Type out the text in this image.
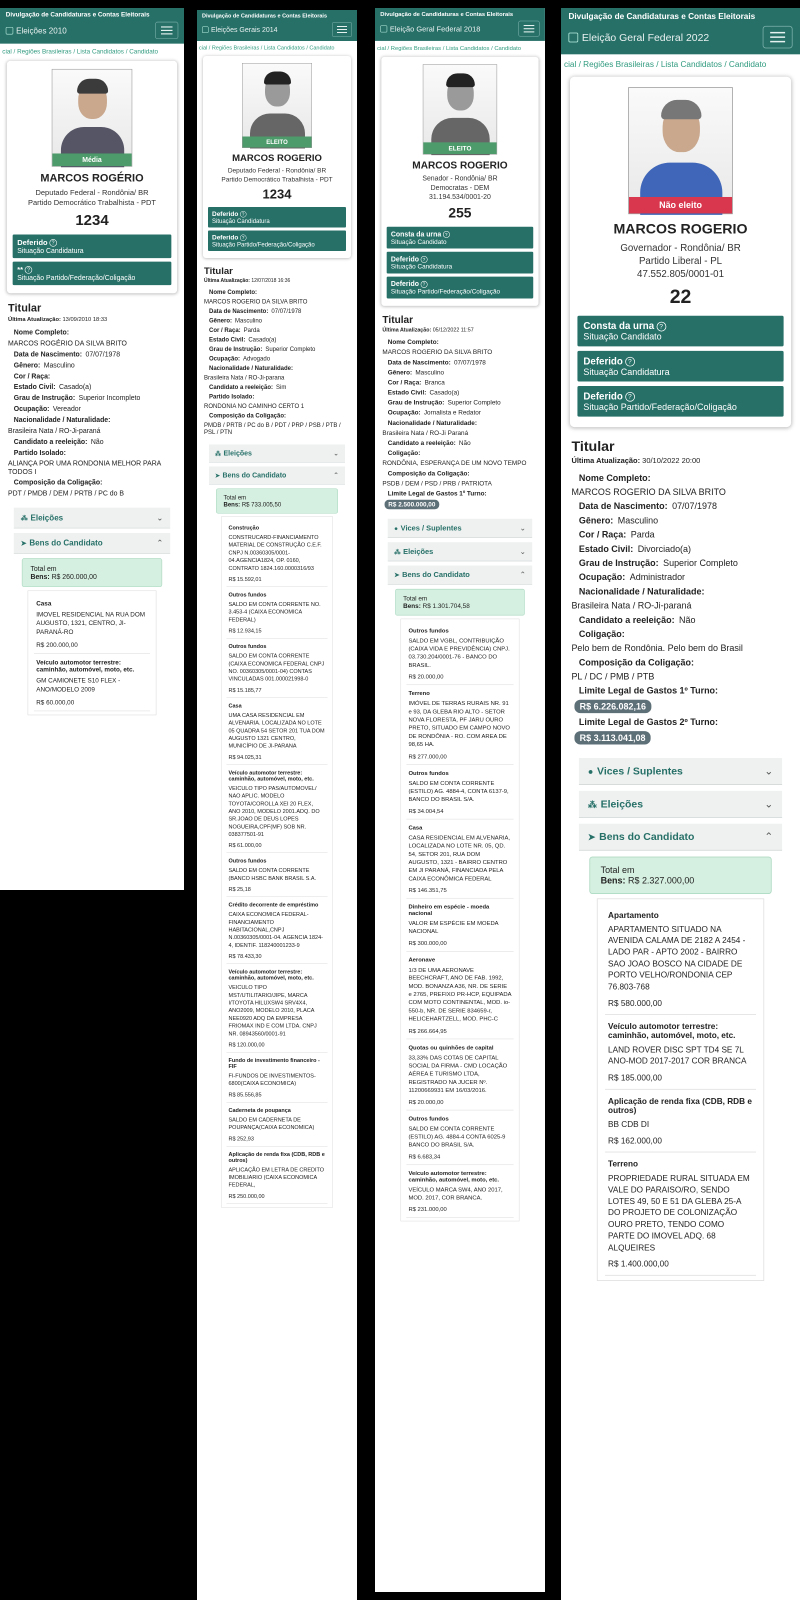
Divulgação de Candidaturas e Contas Eleitorais
Eleições 2010
cial / Regiões Brasileiras / Lista Candidatos / Candidato
Média
MARCOS ROGÉRIO
Deputado Federal - Rondônia/ BR
Partido Democrático Trabalhista - PDT
1234
Deferido ?
Situação Candidatura
** ?
Situação Partido/Federação/Coligação
Titular
Última Atualização: 13/09/2010 18:33
Nome Completo:
MARCOS ROGÉRIO DA SILVA BRITO
Data de Nascimento: 07/07/1978
Gênero: Masculino
Cor / Raça:
Estado Civil: Casado(a)
Grau de Instrução: Superior Incompleto
Ocupação: Vereador
Nacionalidade / Naturalidade:
Brasileira Nata / RO-Ji-paraná
Candidato a reeleição: Não
Partido Isolado:
ALIANÇA POR UMA RONDONIA MELHOR PARA TODOS I
Composição da Coligação:
PDT / PMDB / DEM / PRTB / PC do B
⁂ Eleições	⌄
➤ Bens do Candidato	⌃
Total em
Bens: R$ 260.000,00
Casa
IMOVEL RESIDENCIAL NA RUA DOM AUGUSTO, 1321, CENTRO, JI-PARANÁ-RO
R$ 200.000,00
Veículo automotor terrestre: caminhão, automóvel, moto, etc.
GM CAMIONETE S10 FLEX - ANO/MODELO 2009
R$ 60.000,00
Divulgação de Candidaturas e Contas Eleitorais
Eleições Gerais 2014
cial / Regiões Brasileiras / Lista Candidatos / Candidato
ELEITO
MARCOS ROGERIO
Deputado Federal - Rondônia/ BR
Partido Democrático Trabalhista - PDT
1234
Deferido ?
Situação Candidatura
Deferido ?
Situação Partido/Federação/Coligação
Titular
Última Atualização: 12/07/2018 16:36
Nome Completo:
MARCOS ROGERIO DA SILVA BRITO
Data de Nascimento: 07/07/1978
Gênero: Masculino
Cor / Raça: Parda
Estado Civil: Casado(a)
Grau de Instrução: Superior Completo
Ocupação: Advogado
Nacionalidade / Naturalidade:
Brasileira Nata / RO-Ji-parana
Candidato a reeleição: Sim
Partido Isolado:
RONDONIA NO CAMINHO CERTO 1
Composição da Coligação:
PMDB / PRTB / PC do B / PDT / PRP / PSB / PTB / PSL / PTN
⁂ Eleições	⌄
➤ Bens do Candidato	⌃
Total em
Bens: R$ 733.005,50
Construção
CONSTRUCARD-FINANCIAMENTO MATERIAL DE CONSTRUÇÃO C.E.F. CNPJ N.00360305/0001-04.AGENCIA1824, OP. 0160, CONTRATO 1824.160.0000316/93
R$ 15.592,01
Outros fundos
SALDO EM CONTA CORRENTE NO. 3.453-4 (CAIXA ECONOMICA FEDERAL)
R$ 12.934,15
Outros fundos
SALDO EM CONTA CORRENTE (CAIXA ECONOMICA FEDERAL CNPJ NO. 00360305/0001-04) CONTAS VINCULADAS 001.000021998-0
R$ 15.185,77
Casa
UMA CASA RESIDENCIAL EM ALVENARIA. LOCALIZADA NO LOTE 05 QUADRA 54 SETOR 201 TUA DOM AUGUSTO 1321 CENTRO, MUNICÍPIO DE JI-PARANA
R$ 94.025,31
Veículo automotor terrestre: caminhão, automóvel, moto, etc.
VEICULO TIPO PAS/AUTOMOVEL/ NAO APLIC. MODELO TOYOTA/COROLLA XEI 20 FLEX, ANO 2010, MODELO 2001.ADQ. DO SR.JOAO DE DEUS LOPES NOGUEIRA,CPF(MF) SOB NR. 038377501-91
R$ 61.000,00
Outros fundos
SALDO EM CONTA CORRENTE (BANCO HSBC BANK BRASIL S.A.
R$ 25,18
Crédito decorrente de empréstimo
CAIXA ECONOMICA FEDERAL-FINANCIAMENTO HABITACIONAL,CNPJ N.00360305/0001-04. AGENCIA 1824-4, IDENTIF. 118240001233-9
R$ 78.433,30
Veículo automotor terrestre: caminhão, automóvel, moto, etc.
VEICULO TIPO MST/UTILITARIO/JIPE, MARCA I/TOYOTA HILUXSW4 SRV4X4, ANO2009, MODELO 2010, PLACA NEE0920 ADQ DA EMPRESA FRIOMAX IND E COM LTDA. CNPJ NR. 08943560/0001-91
R$ 120.000,00
Fundo de investimento financeiro - FIF
FI-FUNDOS DE INVESTIMENTOS-6800(CAIXA ECONOMICA)
R$ 85.556,85
Caderneta de poupança
SALDO EM CADERNETA DE POUPANÇA(CAIXA ECONOMICA)
R$ 252,93
Aplicação de renda fixa (CDB, RDB e outros)
APLICAÇÃO EM LETRA DE CREDITO IMOBILIARIO (CAIXA ECONOMICA FEDERAL,
R$ 250.000,00
Divulgação de Candidaturas e Contas Eleitorais
Eleição Geral Federal 2018
cial / Regiões Brasileiras / Lista Candidatos / Candidato
ELEITO
MARCOS ROGERIO
Senador - Rondônia/ BR
Democratas - DEM
31.194.534/0001-20
255
Consta da urna ?
Situação Candidato
Deferido ?
Situação Candidatura
Deferido ?
Situação Partido/Federação/Coligação
Titular
Última Atualização: 05/12/2022 11:57
Nome Completo:
MARCOS ROGERIO DA SILVA BRITO
Data de Nascimento: 07/07/1978
Gênero: Masculino
Cor / Raça: Branca
Estado Civil: Casado(a)
Grau de Instrução: Superior Completo
Ocupação: Jornalista e Redator
Nacionalidade / Naturalidade:
Brasileira Nata / RO-Ji Paraná
Candidato a reeleição: Não
Coligação:
RONDÔNIA, ESPERANÇA DE UM NOVO TEMPO
Composição da Coligação:
PSDB / DEM / PSD / PRB / PATRIOTA
Limite Legal de Gastos 1º Turno:
R$ 2.500.000,00
● Vices / Suplentes	⌄
⁂ Eleições	⌄
➤ Bens do Candidato	⌃
Total em
Bens: R$ 1.301.704,58
Outros fundos
SALDO EM VGBL, CONTRIBUIÇÃO (CAIXA VIDA E PREVIDÊNCIA) CNPJ. 03.730.204/0001-76 - BANCO DO BRASIL.
R$ 20.000,00
Terreno
IMÓVEL DE TERRAS RURAIS NR. 91 e 93, DA GLEBA RIO ALTO - SETOR NOVA FLORESTA, PF JARU OURO PRETO, SITUADO EM CAMPO NOVO DE RONDÔNIA - RO. COM AREA DE 98,65 HA.
R$ 277.000,00
Outros fundos
SALDO EM CONTA CORRENTE (ESTILO) AG. 4884-4, CONTA 6137-9, BANCO DO BRASIL S/A.
R$ 34.004,54
Casa
CASA RESIDENCIAL EM ALVENARIA, LOCALIZADA NO LOTE NR. 05, QD. 54, SETOR 201, RUA DOM AUGUSTO, 1321 - BAIRRO CENTRO EM JI PARANÁ, FINANCIADA PELA CAIXA ECONÔMICA FEDERAL
R$ 146.351,75
Dinheiro em espécie - moeda nacional
VALOR EM ESPÉCIE EM MOEDA NACIONAL
R$ 300.000,00
Aeronave
1/3 DE UMA AERONAVE BEECHCRAFT, ANO DE FAB. 1992, MOD. BONANZA A36, NR. DE SERIE e 2765, PREFIXO PR-HCP, EQUIPADA COM MOTO CONTINENTAL, MOD. io-550-b, NR. DE SERIE 834659-r, HELICEHARTZELL, MOD. PHC-C
R$ 266.664,95
Quotas ou quinhões de capital
33,33% DAS COTAS DE CAPITAL SOCIAL DA FIRMA - CMD LOCAÇÃO AÉREA E TURISMO LTDA, REGISTRADO NA JUCER Nº. 11200669931 EM 16/03/2016.
R$ 20.000,00
Outros fundos
SALDO EM CONTA CORRENTE (ESTILO) AG. 4884-4 CONTA 6025-9 BANCO DO BRASIL S/A.
R$ 6.683,34
Veículo automotor terrestre: caminhão, automóvel, moto, etc.
VEÍCULO MARCA SW4, ANO 2017, MOD. 2017, COR BRANCA.
R$ 231.000,00
Divulgação de Candidaturas e Contas Eleitorais
Eleição Geral Federal 2022
cial / Regiões Brasileiras / Lista Candidatos / Candidato
Não eleito
MARCOS ROGERIO
Governador - Rondônia/ BR
Partido Liberal - PL
47.552.805/0001-01
22
Consta da urna ?
Situação Candidato
Deferido ?
Situação Candidatura
Deferido ?
Situação Partido/Federação/Coligação
Titular
Última Atualização: 30/10/2022 20:00
Nome Completo:
MARCOS ROGERIO DA SILVA BRITO
Data de Nascimento: 07/07/1978
Gênero: Masculino
Cor / Raça: Parda
Estado Civil: Divorciado(a)
Grau de Instrução: Superior Completo
Ocupação: Administrador
Nacionalidade / Naturalidade:
Brasileira Nata / RO-Ji-paraná
Candidato a reeleição: Não
Coligação:
Pelo bem de Rondônia. Pelo bem do Brasil
Composição da Coligação:
PL / DC / PMB / PTB
Limite Legal de Gastos 1º Turno:
R$ 6.226.082,16
Limite Legal de Gastos 2º Turno:
R$ 3.113.041,08
● Vices / Suplentes	⌄
⁂ Eleições	⌄
➤ Bens do Candidato	⌃
Total em
Bens: R$ 2.327.000,00
Apartamento
APARTAMENTO SITUADO NA AVENIDA CALAMA DE 2182 A 2454 - LADO PAR - APTO 2002 - BAIRRO SAO JOAO BOSCO NA CIDADE DE PORTO VELHO/RONDONIA CEP 76.803-768
R$ 580.000,00
Veículo automotor terrestre: caminhão, automóvel, moto, etc.
LAND ROVER DISC SPT TD4 SE 7L ANO-MOD 2017-2017 COR BRANCA
R$ 185.000,00
Aplicação de renda fixa (CDB, RDB e outros)
BB CDB DI
R$ 162.000,00
Terreno
PROPRIEDADE RURAL SITUADA EM VALE DO PARAISO/RO, SENDO LOTES 49, 50 E 51 DA GLEBA 25-A DO PROJETO DE COLONIZAÇÃO OURO PRETO, TENDO COMO PARTE DO IMOVEL ADQ. 68 ALQUEIRES
R$ 1.400.000,00
